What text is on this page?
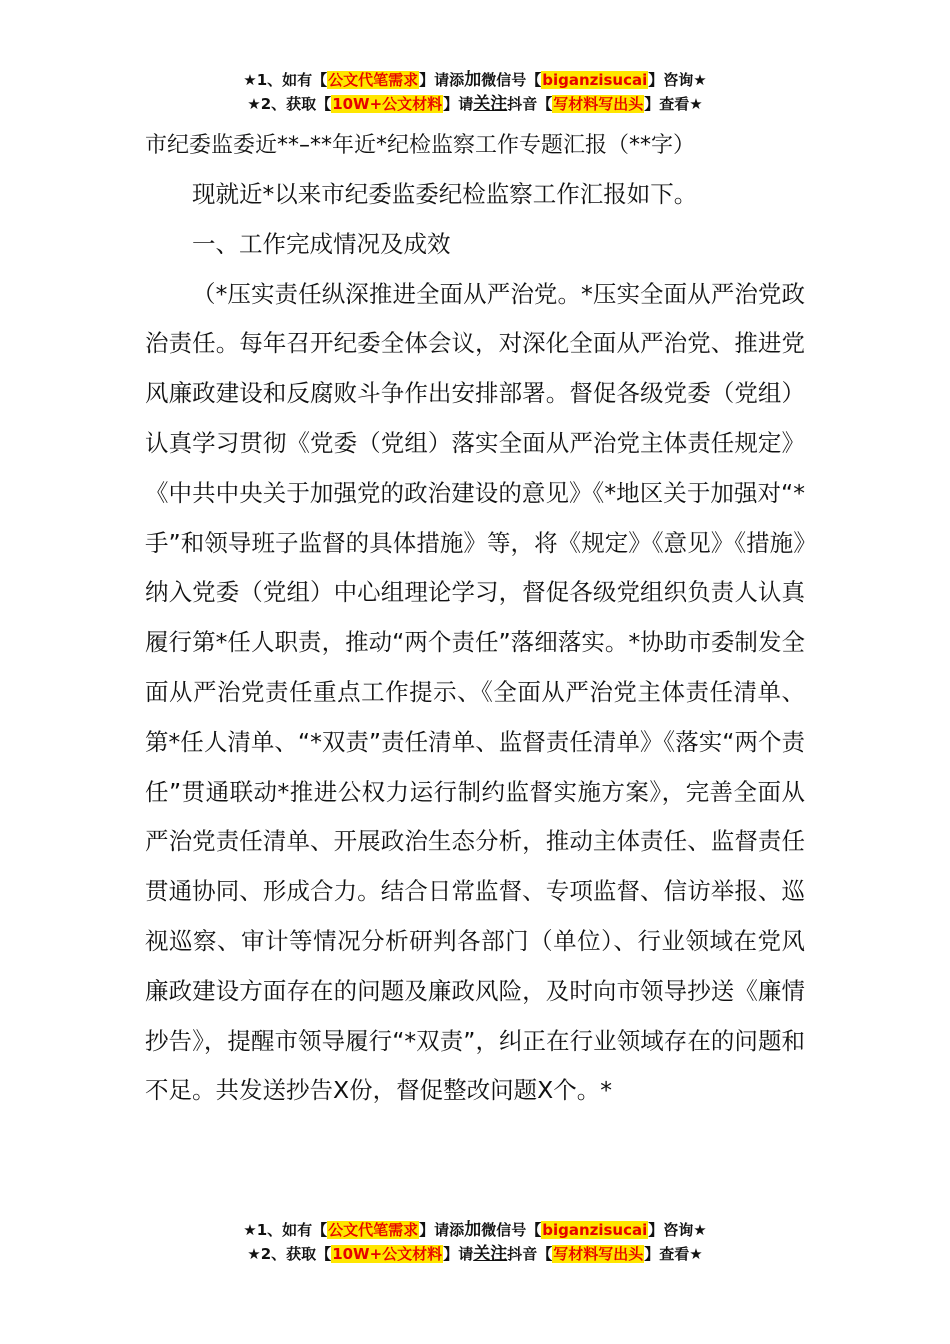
★1、如有【公文代笔需求】请添加微信号【biganzisucai】咨询★
★2、获取【10W+公文材料】请关注抖音【写材料写出头】查看★
市纪委监委近**–**年近*纪检监察工作专题汇报（**字）

现就近*以来市纪委监委纪检监察工作汇报如下。

一、工作完成情况及成效

（*压实责任纵深推进全面从严治党。*压实全面从严治党政治责任。每年召开纪委全体会议，对深化全面从严治党、推进党风廉政建设和反腐败斗争作出安排部署。督促各级党委（党组）认真学习贯彻《党委（党组）落实全面从严治党主体责任规定》《中共中央关于加强党的政治建设的意见》《*地区关于加强对“*手”和领导班子监督的具体措施》等，将《规定》《意见》《措施》纳入党委（党组）中心组理论学习，督促各级党组织负责人认真履行第*任人职责，推动“两个责任”落细落实。*协助市委制发全面从严治党责任重点工作提示、《全面从严治党主体责任清单、第*任人清单、“*双责”责任清单、监督责任清单》《落实“两个责任”贯通联动*推进公权力运行制约监督实施方案》，完善全面从严治党责任清单、开展政治生态分析，推动主体责任、监督责任贯通协同、形成合力。结合日常监督、专项监督、信访举报、巡视巡察、审计等情况分析研判各部门（单位）、行业领域在党风廉政建设方面存在的问题及廉政风险，及时向市领导抄送《廉情抄告》，提醒市领导履行“*双责”，纠正在行业领域存在的问题和不足。共发送抄告X份，督促整改问题X个。*

★1、如有【公文代笔需求】请添加微信号【biganzisucai】咨询★
★2、获取【10W+公文材料】请关注抖音【写材料写出头】查看★
